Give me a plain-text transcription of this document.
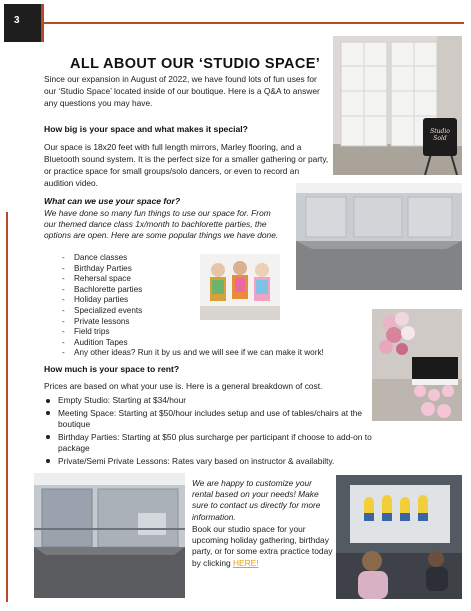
3
ALL ABOUT OUR ‘STUDIO SPACE’
Since our expansion in August of 2022, we have found lots of fun uses for our ‘Studio Space’ located inside of our boutique. Here is a Q&A to answer any questions you may have.
How big is your space and what makes it special?
Our space is 18x20 feet with full length mirrors, Marley flooring, and a Bluetooth sound system. It is the perfect size for a smaller gathering or party, or practice space for small groups/solo dancers, or even to record an audition video.
What can we use your space for?
We have done so many fun things to use our space for. From our themed dance class 1x/month to bachlorette parties, the options are open. Here are some popular things we have done.
- Dance classes
- Birthday Parties
- Rehersal space
- Bachlorette parties
- Holiday parties
- Specialized events
- Private lessons
- Field trips
- Audition Tapes
- Any other ideas? Run it by us and we will see if we can make it work!
How much is your space to rent?
Prices are based on what your use is. Here is a general breakdown of cost.
Empty Studio: Starting at $34/hour
Meeting Space: Starting at $50/hour includes setup and use of tables/chairs at the boutique
Birthday Parties: Starting at $50 plus surcharge per participant if choose to add-on to package
Private/Semi Private Lessons: Rates vary based on instructor & availabilty.
We are happy to customize your rental based on your needs! Make sure to contact us directly for more information.
Book our studio space for your upcoming holiday gathering, birthday party, or for some extra practice today by clicking HERE!
Studio Sold
